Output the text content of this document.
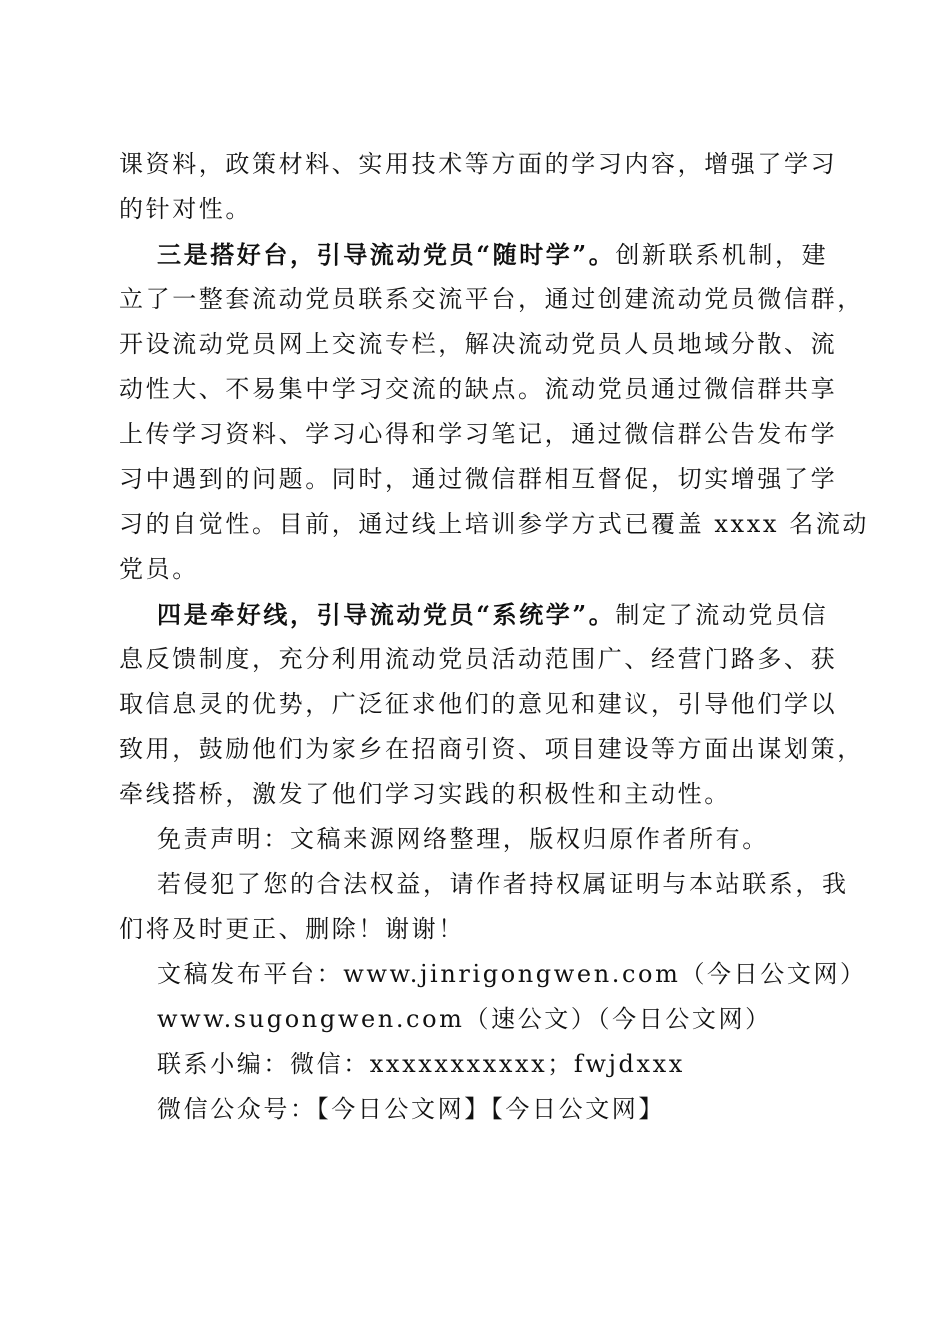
课资料，政策材料、实用技术等方面的学习内容，增强了学习
的针对性。
三是搭好台，引导流动党员“随时学”。创新联系机制，建
立了一整套流动党员联系交流平台，通过创建流动党员微信群，
开设流动党员网上交流专栏，解决流动党员人员地域分散、流
动性大、不易集中学习交流的缺点。流动党员通过微信群共享
上传学习资料、学习心得和学习笔记，通过微信群公告发布学
习中遇到的问题。同时，通过微信群相互督促，切实增强了学
习的自觉性。目前，通过线上培训参学方式已覆盖 xxxx 名流动
党员。
四是牵好线，引导流动党员“系统学”。制定了流动党员信
息反馈制度，充分利用流动党员活动范围广、经营门路多、获
取信息灵的优势，广泛征求他们的意见和建议，引导他们学以
致用，鼓励他们为家乡在招商引资、项目建设等方面出谋划策，
牵线搭桥，激发了他们学习实践的积极性和主动性。
免责声明：文稿来源网络整理，版权归原作者所有。
若侵犯了您的合法权益，请作者持权属证明与本站联系，我
们将及时更正、删除！谢谢！
文稿发布平台：www.jinrigongwen.com（今日公文网）
www.sugongwen.com（速公文）（今日公文网）
联系小编：微信：xxxxxxxxxxx；fwjdxxx
微信公众号：【今日公文网】【今日公文网】
